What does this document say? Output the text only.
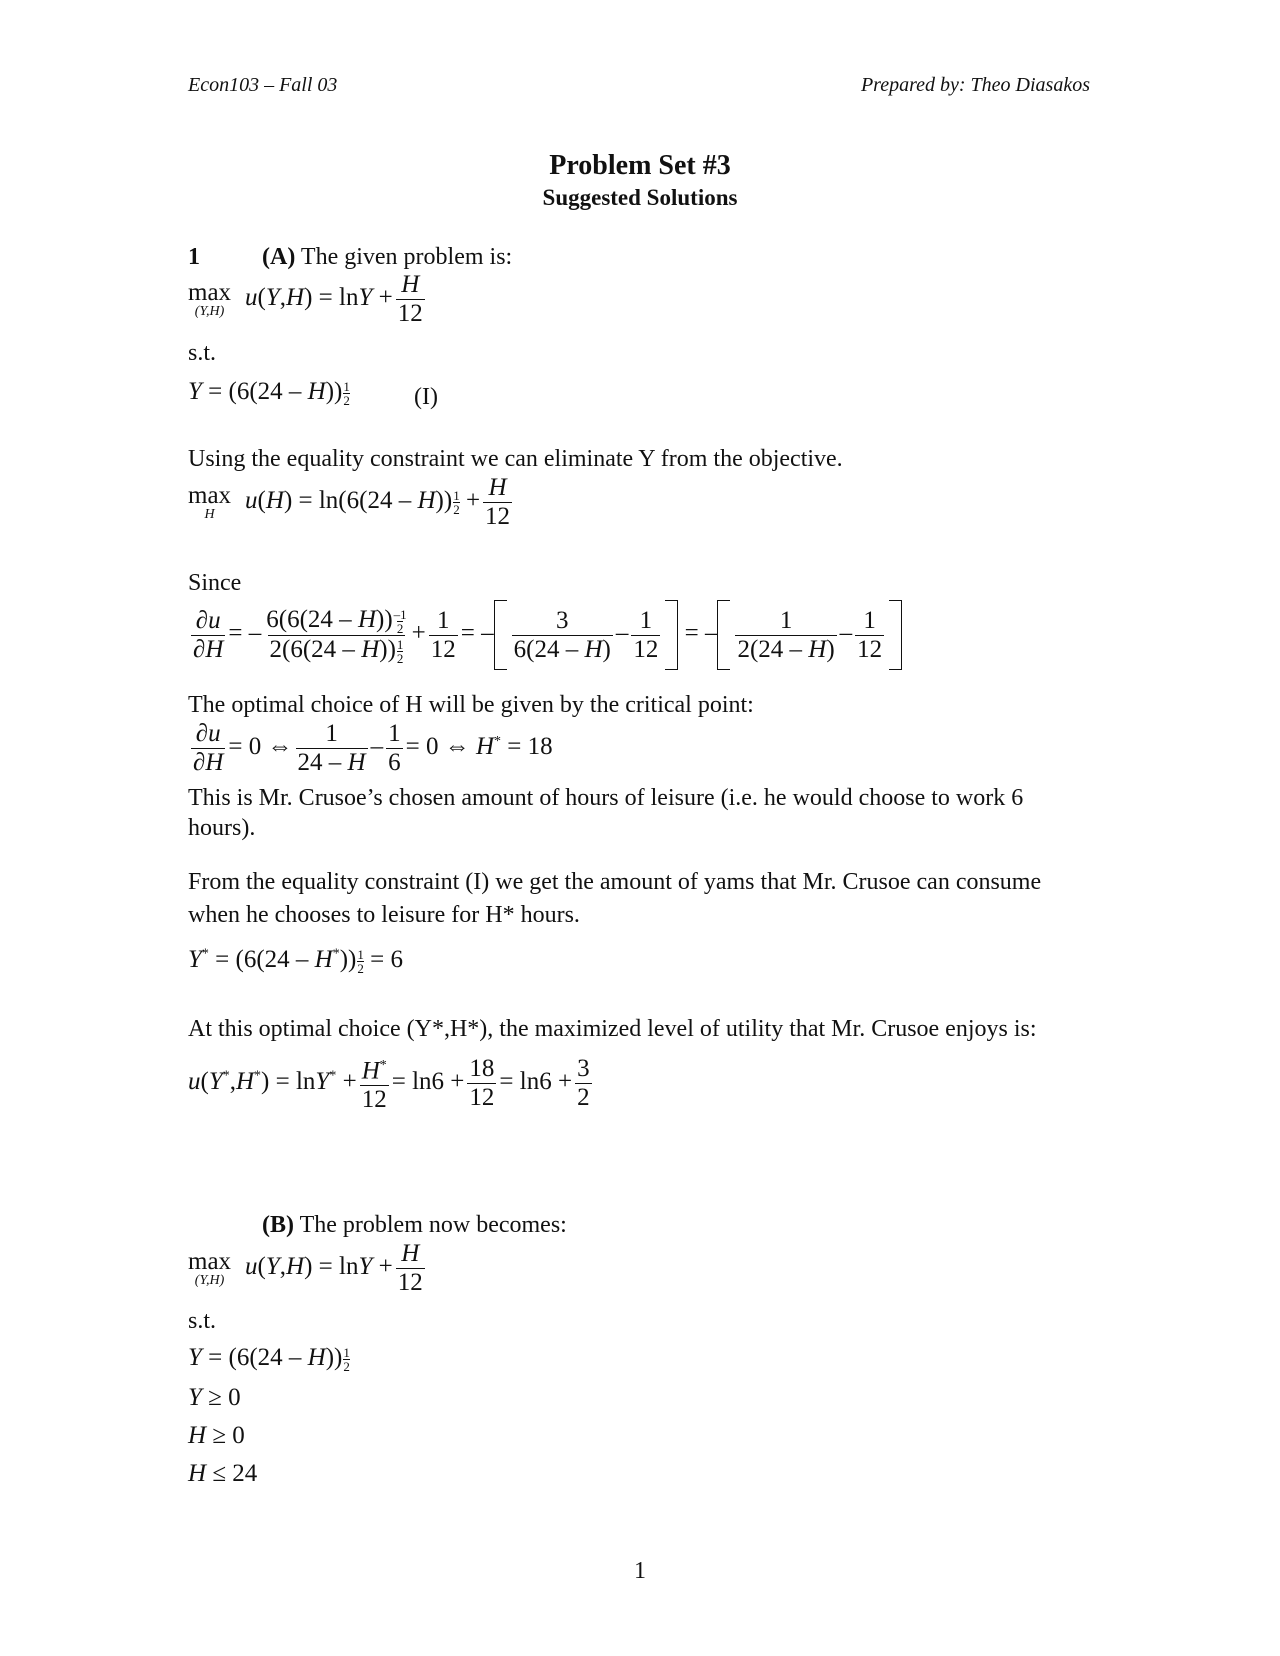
Econ103 – Fall 03	Prepared by: Theo Diasakos
Problem Set #3
Suggested Solutions
1	(A) The given problem is:
max
(Y,H) $u(Y,H) = \ln Y + \frac{H}{12}$
s.t.
$Y = (6(24 - H)) \frac{1}{2}$	(I)
Using the equality constraint we can eliminate Y from the objective.
max
H $u(H) = \ln(6(24 - H)) \frac{1}{2} + \frac{H}{12}$
Since
$\frac{\partial u}{\partial H}$ = – $\frac{6(6(24 - H)) \frac{-1}{2}}{2(6(24 - H)) \frac{1}{2}} + \frac{1}{12}$ = – $\frac{3}{6(24 - H)} - \frac{1}{12}$ = – $\frac{1}{2(24 - H)} - \frac{1}{12}$
The optimal choice of H will be given by the critical point:
$\frac{\partial u}{\partial H} = 0$ ⇔ $\frac{1}{24 - H} - \frac{1}{6} = 0$ ⇔ H* = 18
This is Mr. Crusoe’s chosen amount of hours of leisure (i.e. he would choose to work 6
hours).
From the equality constraint (I) we get the amount of yams that Mr. Crusoe can consume
when he chooses to leisure for H* hours.
$Y^* = (6(24 - H^*)) \frac{1}{2} = 6$
At this optimal choice (Y*,H*), the maximized level of utility that Mr. Crusoe enjoys is:
$u(Y^*,H^*) = \ln Y^* + \frac{H^*}{12} = \ln 6 + \frac{18}{12} = \ln 6 + \frac{3}{2}$
(B) The problem now becomes:
max
(Y,H) $u(Y,H) = \ln Y + \frac{H}{12}$
s.t.
$Y = (6(24 - H)) \frac{1}{2}$
Y ≥ 0
H ≥ 0
H ≤ 24
1
